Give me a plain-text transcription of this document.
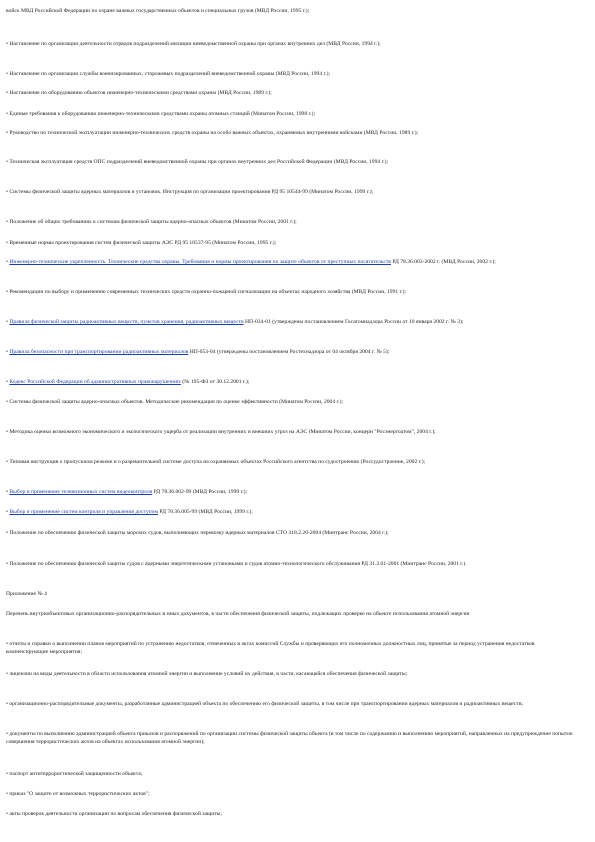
войск МВД Российской Федерации по охране важных государственных объектов и специальных грузов (МВД России, 1995 г.);
• Наставление по организации деятельности отрядов подразделений милиции вневедомственной охраны при органах внутренних дел (МВД России, 1994 г.);
• Наставление по организации службы военизированных, сторожевых подразделений вневедомственной охраны (МВД России, 1994 г.);
• Наставление по оборудованию объектов инженерно-техническими средствами охраны (МВД России, 1989 г.);
• Единые требования к оборудованию инженерно-техническими средствами охраны атомных станций (Минатом России, 1998 г.);
• Руководство по технической эксплуатации инженерно-технических средств охраны на особо важных объектах, охраняемых внутренними войсками (МВД России, 1989 г.);
• Техническая эксплуатация средств ОПС подразделений вневедомственной охраны при органах внутренних дел Российской Федерации (МВД России, 1994 г.);
• Системы физической защиты ядерных материалов и установок. Инструкция по организации проектирования РД 95 10544-99 (Минатом России, 1999 г.);
• Положение об общих требованиях к системам физической защиты ядерно-опасных объектов (Минатом России, 2001 г.);
• Временные нормы проектирования систем физической защиты АЭС РД 95 10537-95 (Минатом России, 1995 г.);
• Инженерно-технические укрепленность. Технические средства охраны. Требования и нормы проектирования по защите объектов от преступных посягательств РД 78.36.003-2002 г. (МВД России, 2002 г.);
• Рекомендации по выбору и применению современных технических средств охранно-пожарной сигнализации на объектах народного хозяйства (МВД России, 1991 г.);
• Правила физической защиты радиоактивных веществ, пунктов хранения, радиоактивных веществ НП-034-01 (утверждены постановлением Госатомнадзора России от 10 января 2002 г. № 3);
• Правила безопасности при транспортировании радиоактивных материалов НП-053-04 (утверждены постановлением Ростехнадзора от 04 октября 2004 г. № 5);
• Кодекс Российской Федерации об административных правонарушениях (№ 195-ФЗ от 30.12.2001 г.);
• Системы физической защиты ядерно-опасных объектов. Методические рекомендации по оценке эффективности (Минатом России, 2004 г.);
• Методика оценки возможного экономического и экологического ущерба от реализации внутренних и внешних угроз на АЭС (Минатом России, концерн "Росэнергоатом", 2004 г.);
• Типовая инструкция о пропускном режиме и о разрешительной системе доступа на охраняемых объектах Российского агентства по судостроению (Росcудостроение, 2002 г.);
• Выбор и применение телевизионных систем видеоконтроля РД 78.36.002-99 (МВД России, 1999 г.);
• Выбор и применение систем контроля и управления доступом РД 78.36.005-99 (МВД России, 1999 г.);
• Положение по обеспечению физической защиты морских судов, выполняющих перевозку ядерных материалов СТО 318.2.20-2004 (Минтранс России, 2004 г.);
• Положение по обеспечению физической защиты судов с ядерными энергетическими установками и судов атомно-технологического обслуживания РД 31.2.01-2001 (Минтранс России, 2001 г.).
Приложение № 4
Перечень внутриобъектовых организационно-распорядительных и иных документов, в части обеспечения физической защиты, подлежащих проверке на объекте использования атомной энергии
• отчеты и справки о выполнении планов мероприятий по устранению недостатков, отмеченных в актах комиссий Службы и проверяющих его полномочных должностных лиц, принятые за период устранения недостатков компенсирующие мероприятия;
• лицензии на виды деятельности в области использования атомной энергии и выполнение условий их действия, в части, касающейся обеспечения физической защиты;
• организационно-распорядительные документы, разработанные администрацией объекта по обеспечению его физической защиты, в том числе при транспортировании ядерных материалов и радиоактивных веществ;
• документы по выполнению администрацией объекта приказов и распоряжений по организации системы физической защиты объекта (в том числе по содержанию и выполнению мероприятий, направленных на предупреждение попыток совершения террористических актов на объектах использования атомной энергии);
• паспорт антитеррористической защищенности объекта;
• приказ "О защите от возможных террористических актов";
• акты проверок деятельности организации по вопросам обеспечения физической защиты;
